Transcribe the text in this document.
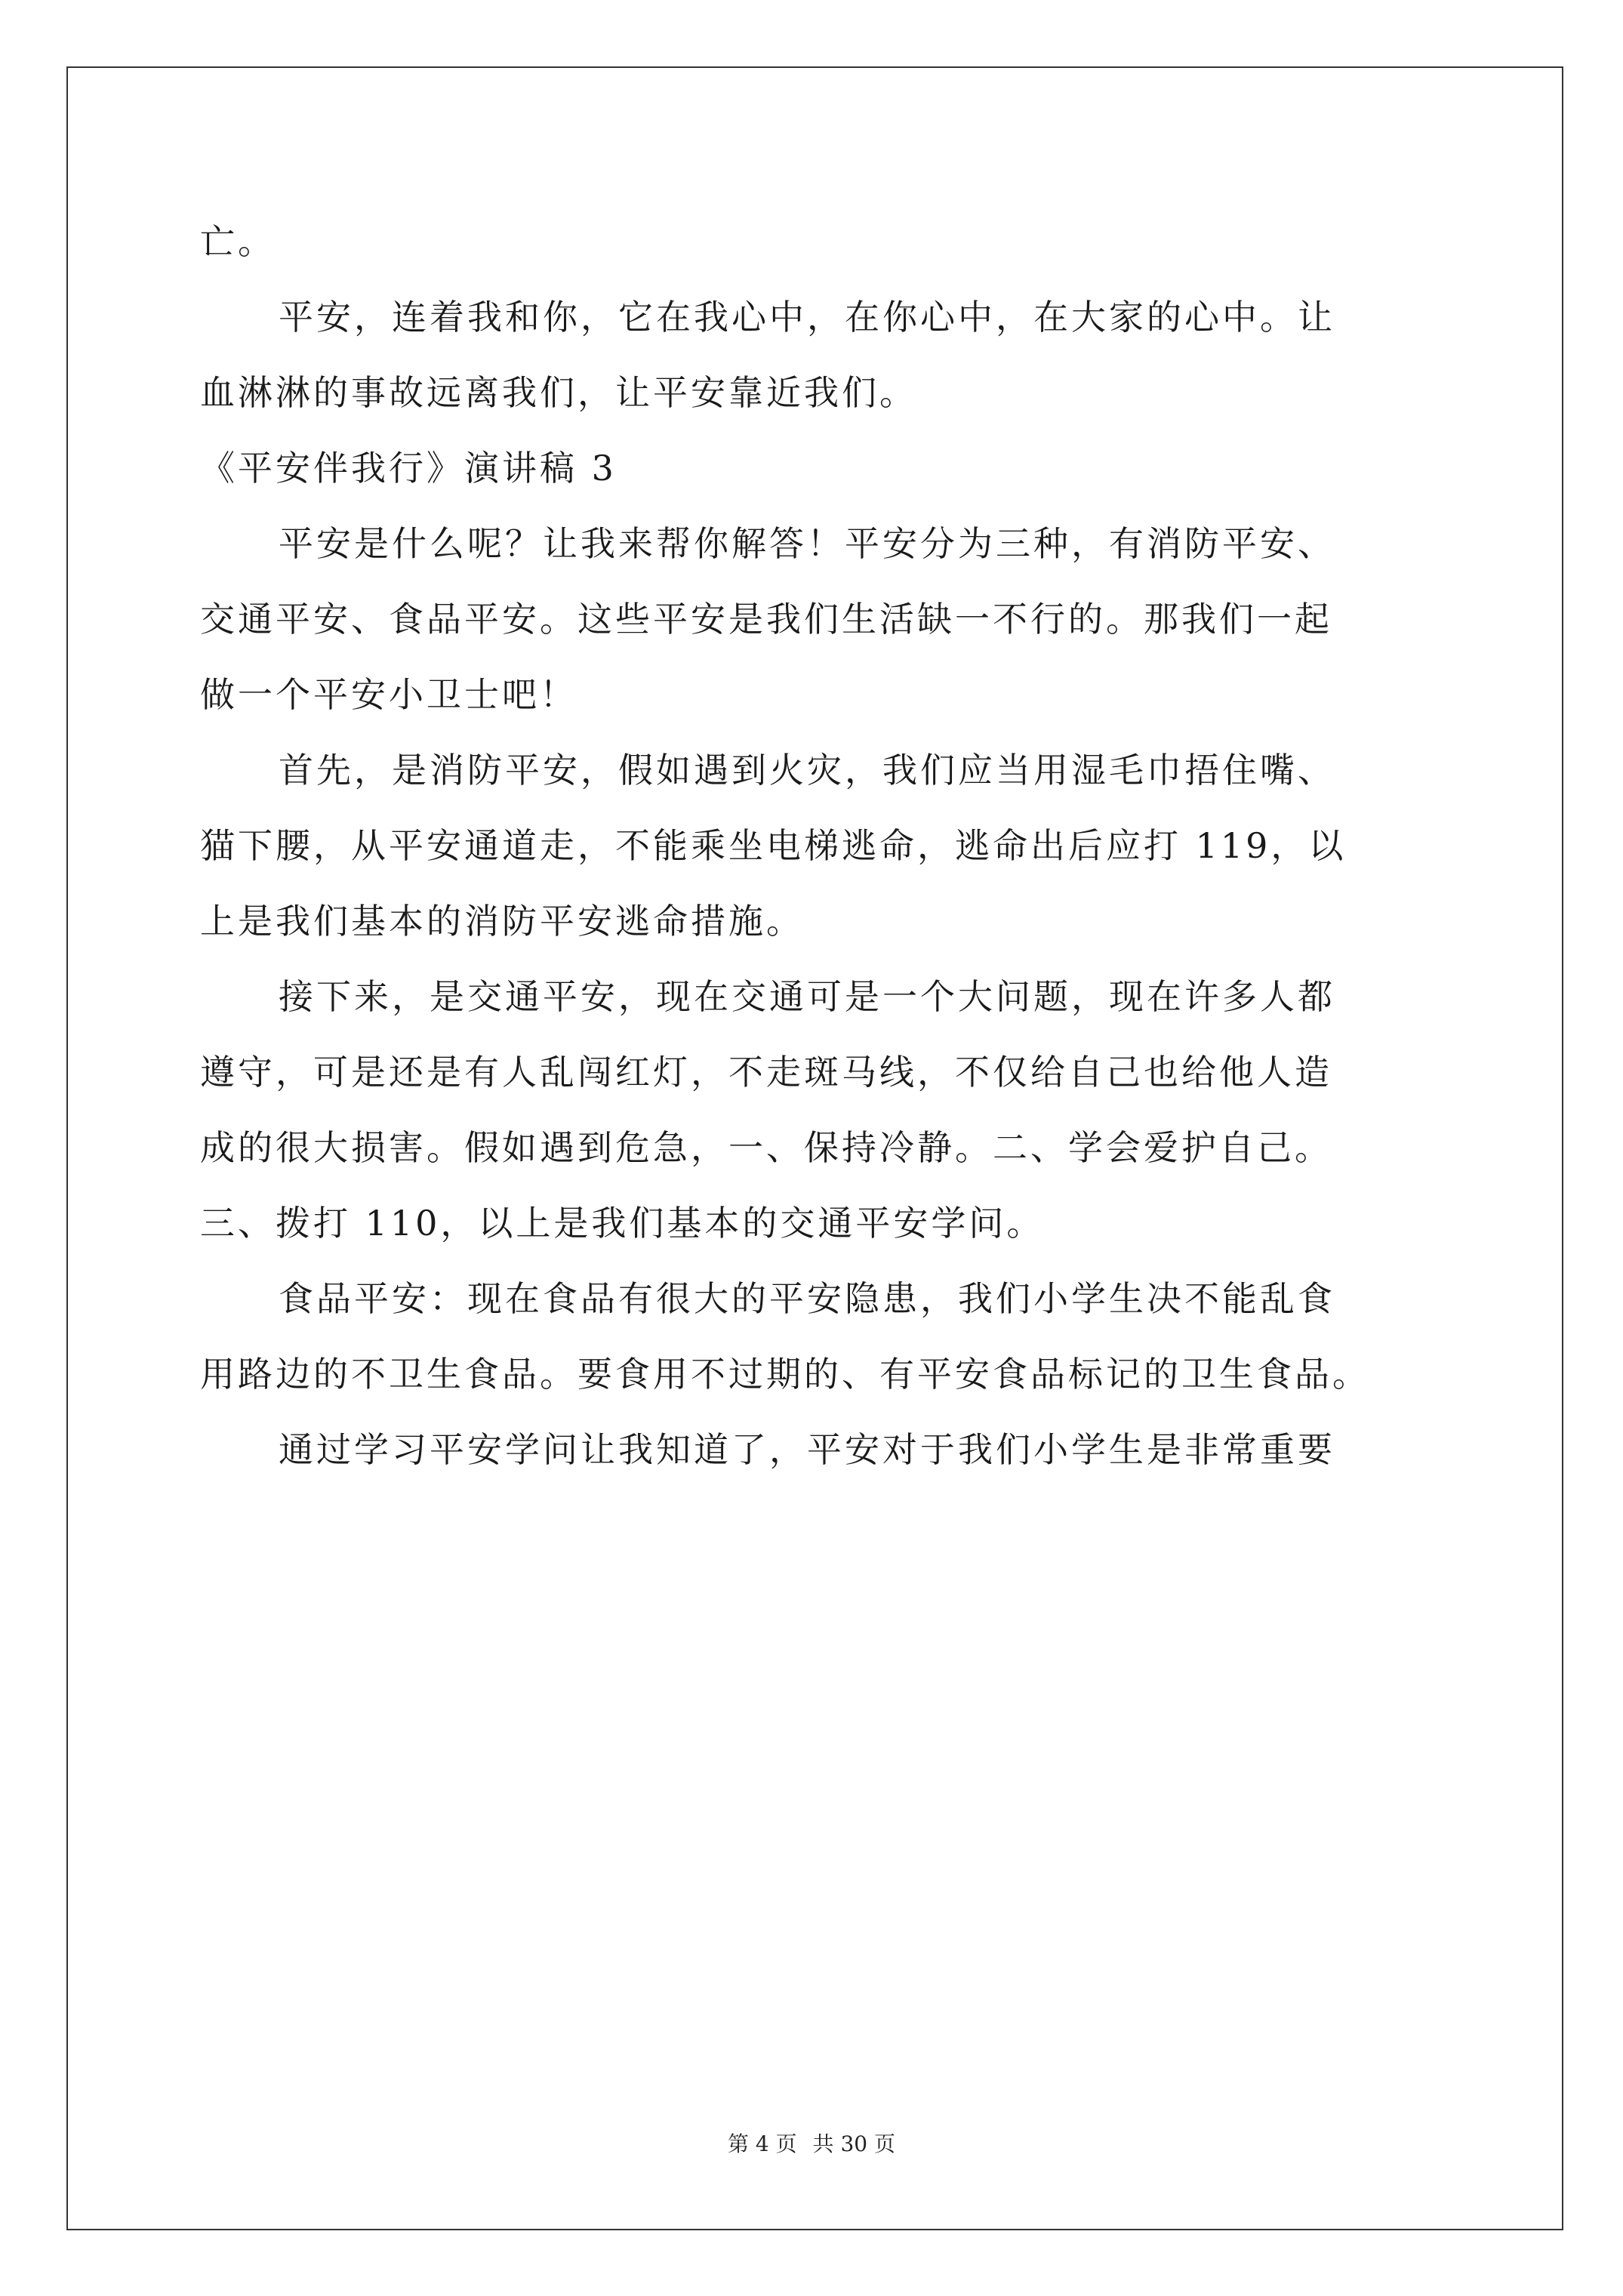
亡。
平安，连着我和你，它在我心中，在你心中，在大家的心中。让
血淋淋的事故远离我们，让平安靠近我们。
《平安伴我行》演讲稿 3
平安是什么呢？让我来帮你解答！平安分为三种，有消防平安、
交通平安、食品平安。这些平安是我们生活缺一不行的。那我们一起
做一个平安小卫士吧！
首先，是消防平安，假如遇到火灾，我们应当用湿毛巾捂住嘴、
猫下腰，从平安通道走，不能乘坐电梯逃命，逃命出后应打 119，以
上是我们基本的消防平安逃命措施。
接下来，是交通平安，现在交通可是一个大问题，现在许多人都
遵守，可是还是有人乱闯红灯，不走斑马线，不仅给自己也给他人造
成的很大损害。假如遇到危急，一、保持冷静。二、学会爱护自己。
三、拨打 110，以上是我们基本的交通平安学问。
食品平安：现在食品有很大的平安隐患，我们小学生决不能乱食
用路边的不卫生食品。要食用不过期的、有平安食品标记的卫生食品。
通过学习平安学问让我知道了，平安对于我们小学生是非常重要
第 4 页 共 30 页
